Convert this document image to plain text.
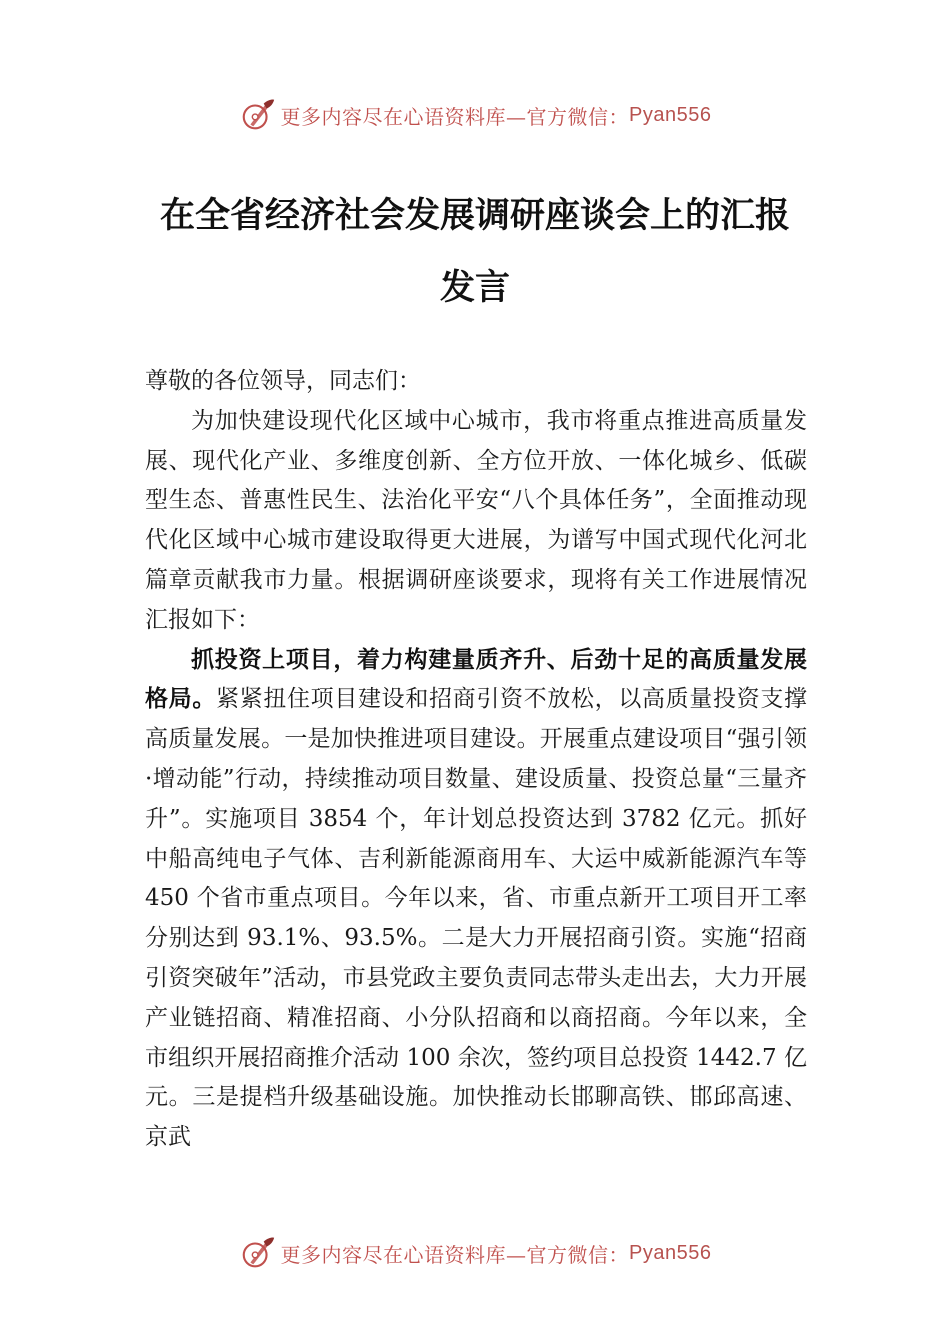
更多内容尽在心语资料库—官方微信： Pyan556
在全省经济社会发展调研座谈会上的汇报发言

尊敬的各位领导，同志们：

为加快建设现代化区域中心城市，我市将重点推进高质量发展、现代化产业、多维度创新、全方位开放、一体化城乡、低碳型生态、普惠性民生、法治化平安“八个具体任务”，全面推动现代化区域中心城市建设取得更大进展，为谱写中国式现代化河北篇章贡献我市力量。根据调研座谈要求，现将有关工作进展情况汇报如下：

抓投资上项目，着力构建量质齐升、后劲十足的高质量发展格局。紧紧扭住项目建设和招商引资不放松，以高质量投资支撑高质量发展。一是加快推进项目建设。开展重点建设项目“强引领·增动能”行动，持续推动项目数量、建设质量、投资总量“三量齐升”。实施项目 3854 个，年计划总投资达到 3782 亿元。抓好中船高纯电子气体、吉利新能源商用车、大运中威新能源汽车等 450 个省市重点项目。今年以来，省、市重点新开工项目开工率分别达到 93.1%、93.5%。二是大力开展招商引资。实施“招商引资突破年”活动，市县党政主要负责同志带头走出去，大力开展产业链招商、精准招商、小分队招商和以商招商。今年以来，全市组织开展招商推介活动 100 余次，签约项目总投资 1442.7 亿元。三是提档升级基础设施。加快推动长邯聊高铁、邯邱高速、京武

更多内容尽在心语资料库—官方微信： Pyan556
